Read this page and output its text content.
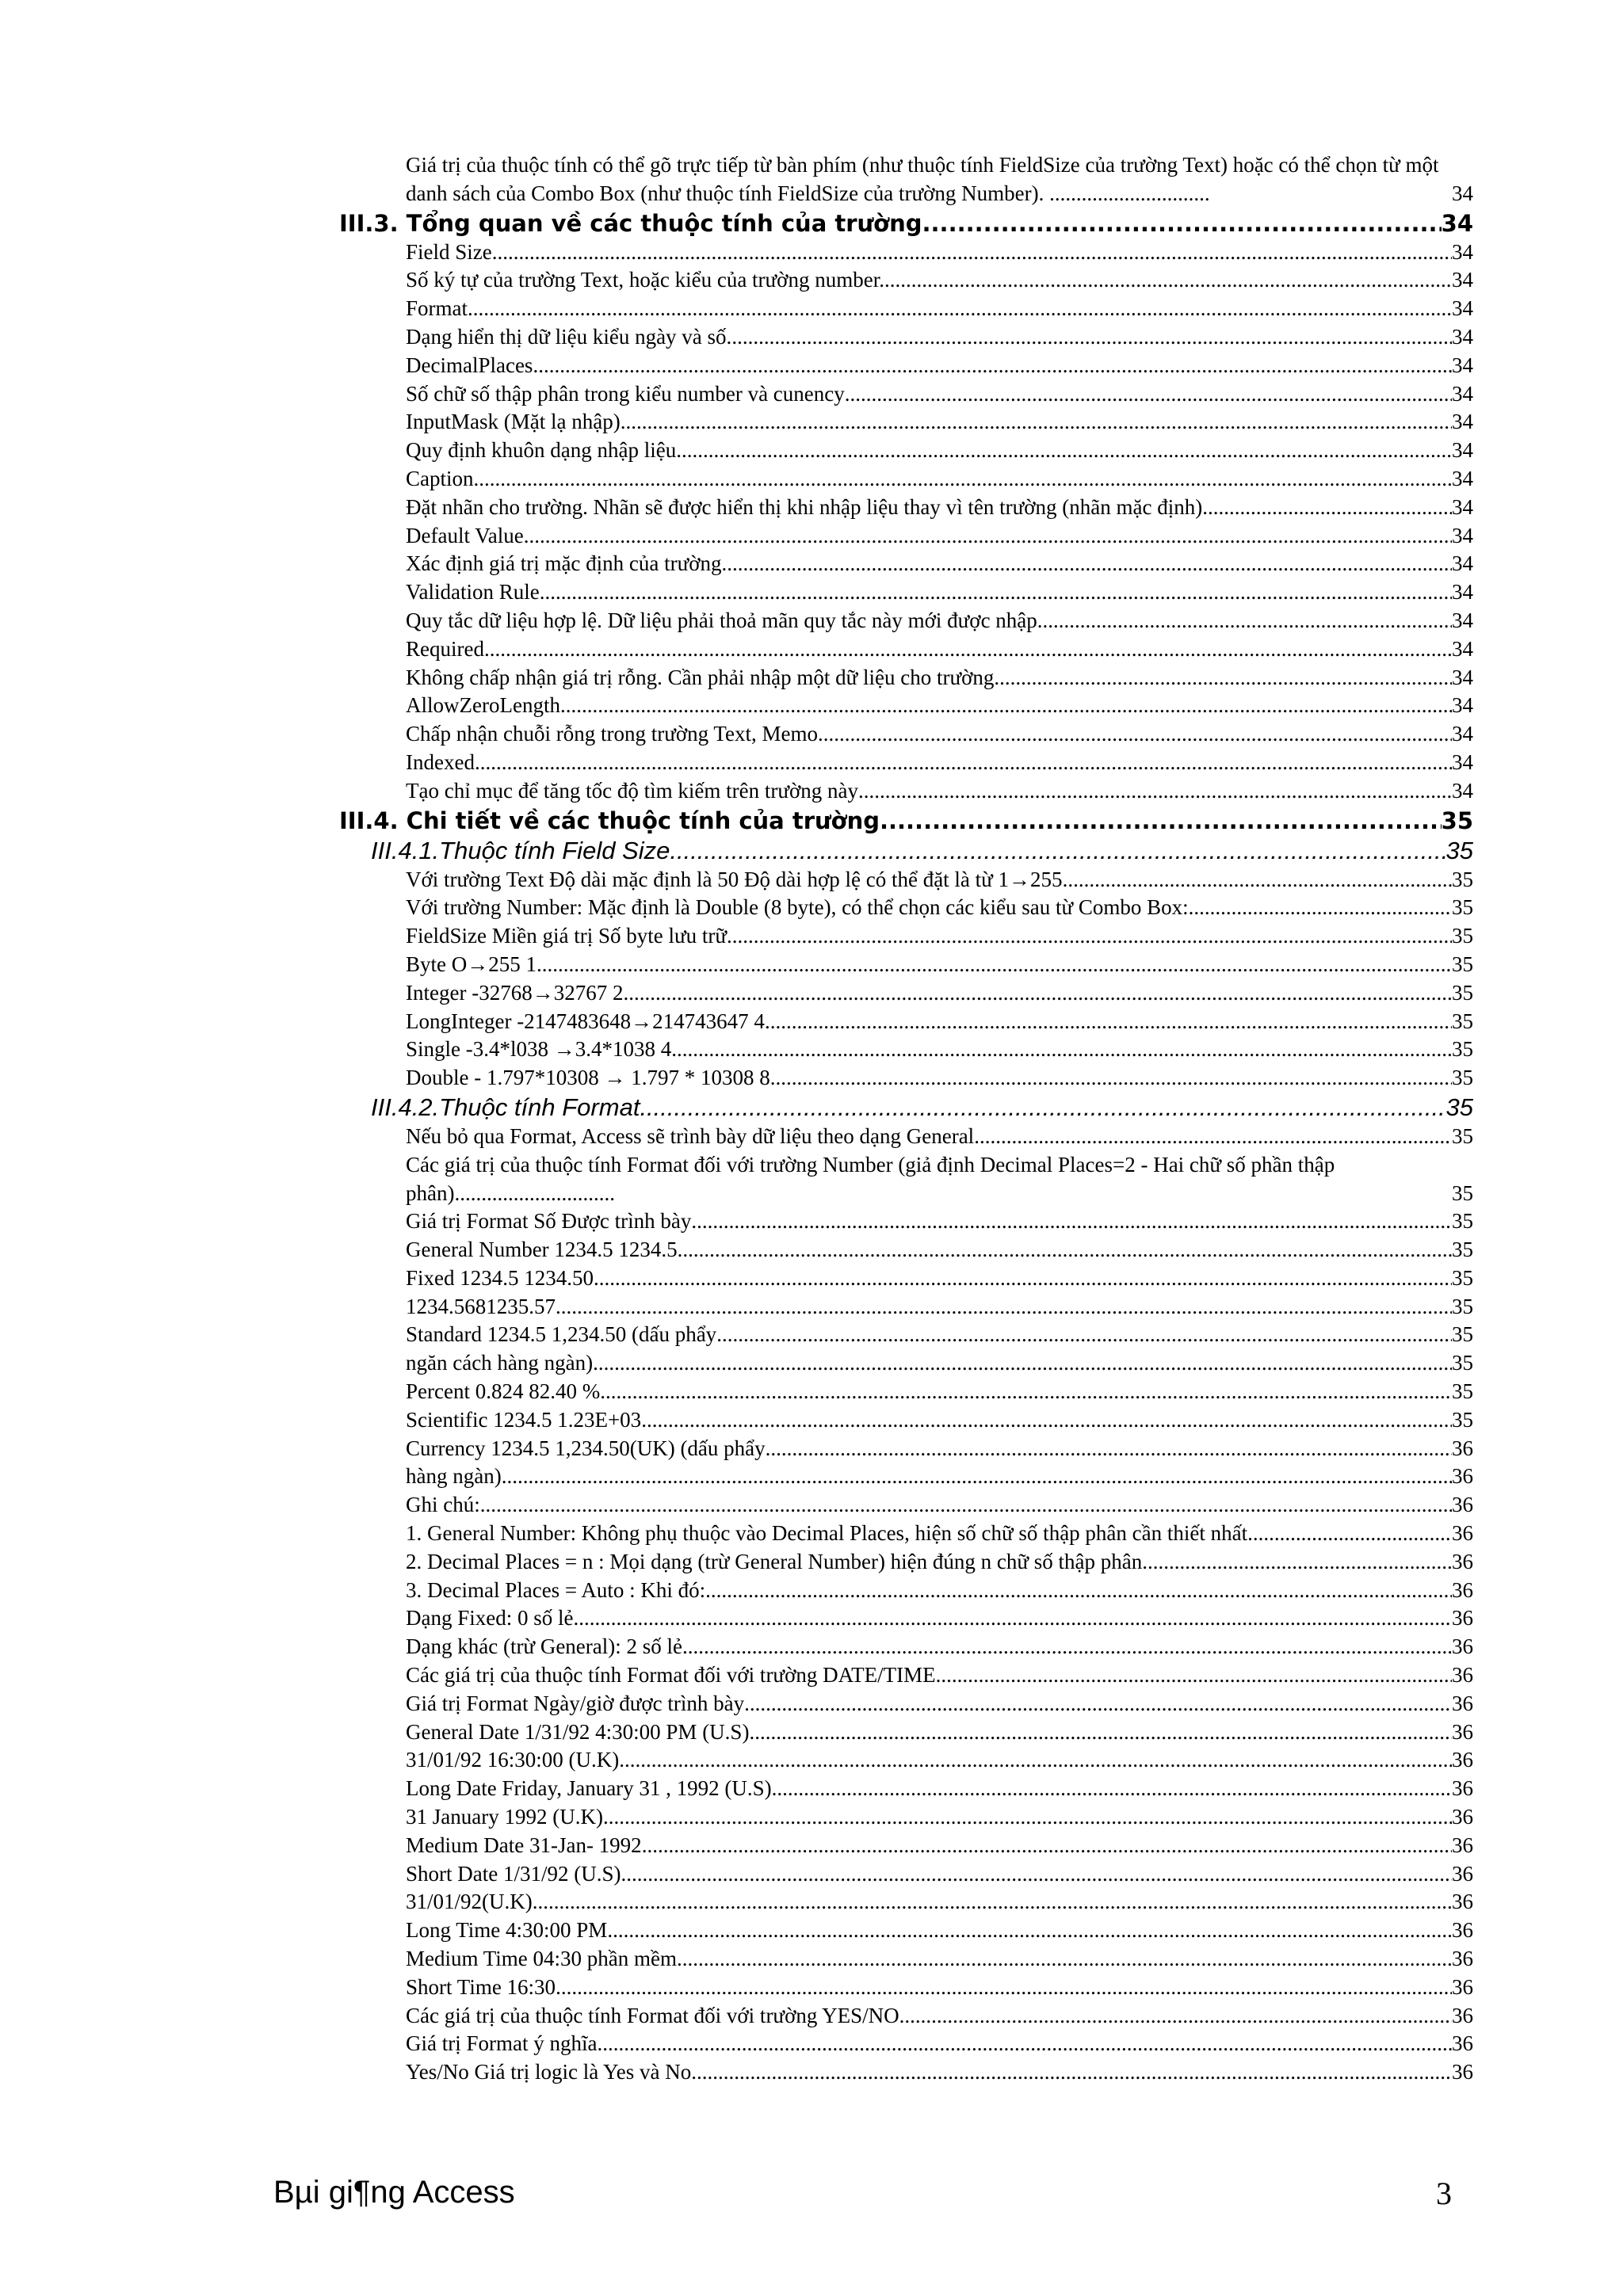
Giá trị của thuộc tính có thể gõ trực tiếp từ bàn phím (như thuộc tính FieldSize của trường Text) hoặc có thể chọn từ một danh sách của Combo Box (như thuộc tính FieldSize của trường Number). ..............................	34
III.3. Tổng quan về các thuộc tính của trường .....	34
Field Size .....	34
Số ký tự của trường Text, hoặc kiểu của trường number. .....	34
Format .....	34
Dạng hiển thị dữ liệu kiểu ngày và số. .....	34
DecimalPlaces .....	34
Số chữ số thập phân trong kiểu number và cunency .....	34
InputMask (Mặt lạ nhập) .....	34
Quy định khuôn dạng nhập liệu .....	34
Caption .....	34
Đặt nhãn cho trường. Nhãn sẽ được hiển thị khi nhập liệu thay vì tên trường (nhãn mặc định). .....	34
Default Value .....	34
Xác định giá trị mặc định của trường .....	34
Validation Rule .....	34
Quy tắc dữ liệu hợp lệ. Dữ liệu phải thoả mãn quy tắc này mới được nhập. .....	34
Required .....	34
Không chấp nhận giá trị rỗng. Cần phải nhập một dữ liệu cho trường .....	34
AllowZeroLength .....	34
Chấp nhận chuỗi rỗng trong trường Text, Memo .....	34
Indexed .....	34
Tạo chỉ mục để tăng tốc độ tìm kiếm trên trường này .....	34
III.4. Chi tiết về các thuộc tính của trường .....	35
III.4.1.Thuộc tính Field Size .....	35
Với trường Text Độ dài mặc định là 50 Độ dài hợp lệ có thể đặt là từ 1→255 .....	35
Với trường Number: Mặc định là Double (8 byte), có thể chọn các kiểu sau từ Combo Box: .....	35
FieldSize Miền giá trị Số byte lưu trữ .....	35
Byte O→255 1 .....	35
Integer -32768→32767 2 .....	35
LongInteger -2147483648→214743647 4 .....	35
Single -3.4*l038 →3.4*1038 4 .....	35
Double - 1.797*10308 → 1.797 * 10308 8 .....	35
III.4.2.Thuộc tính Format .....	35
Nếu bỏ qua Format, Access sẽ trình bày dữ liệu theo dạng General .....	35
Các giá trị của thuộc tính Format đối với trường Number (giả định Decimal Places=2 - Hai chữ số phần thập phân)..............................	35
Giá trị Format Số Được trình bày .....	35
General Number 1234.5 1234.5 .....	35
Fixed 1234.5 1234.50 .....	35
1234.5681235.57 .....	35
Standard 1234.5 1,234.50 (dấu phẩy .....	35
ngăn cách hàng ngàn) .....	35
Percent 0.824 82.40 % .....	35
Scientific 1234.5 1.23E+03 .....	35
Currency 1234.5 1,234.50(UK) (dấu phẩy .....	36
hàng ngàn) .....	36
Ghi chú: .....	36
1. General Number: Không phụ thuộc vào Decimal Places, hiện số chữ số thập phân cần thiết nhất .....	36
2. Decimal Places = n : Mọi dạng (trừ General Number) hiện đúng n chữ số thập phân. .....	36
3. Decimal Places = Auto : Khi đó: .....	36
Dạng Fixed: 0 số lẻ .....	36
Dạng khác (trừ General): 2 số lẻ .....	36
Các giá trị của thuộc tính Format đối với trường DATE/TIME. .....	36
Giá trị Format Ngày/giờ được trình bày .....	36
General Date 1/31/92 4:30:00 PM (U.S) .....	36
31/01/92 16:30:00 (U.K) .....	36
Long Date Friday, January 31 , 1992 (U.S) .....	36
31 January 1992 (U.K) .....	36
Medium Date 31-Jan- 1992 .....	36
Short Date 1/31/92 (U.S) .....	36
31/01/92(U.K) .....	36
Long Time 4:30:00 PM .....	36
Medium Time 04:30 phần mềm .....	36
Short Time 16:30 .....	36
Các giá trị của thuộc tính Format đối với trường YES/NO .....	36
Giá trị Format ý nghĩa .....	36
Yes/No Giá trị logic là Yes và No .....	36
Bµi gi¶ng Access	3
